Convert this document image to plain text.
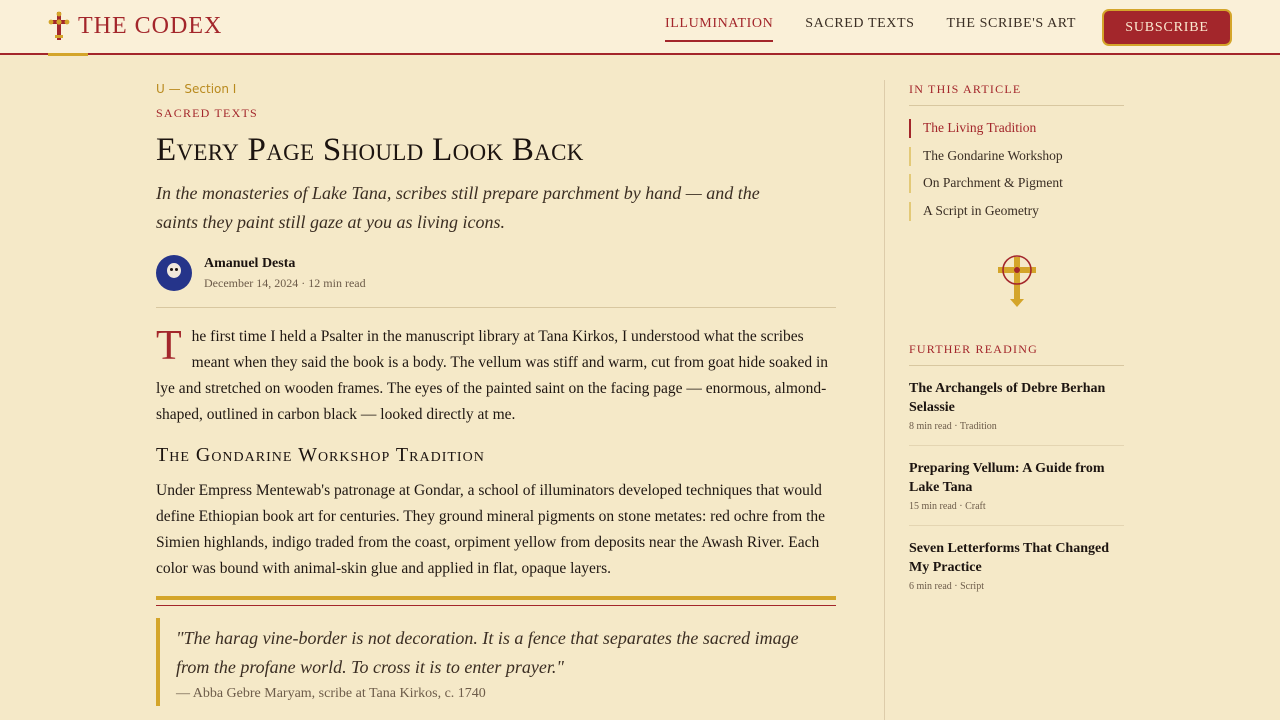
THE CODEX	ILLUMINATION SACRED TEXTS THE SCRIBE'S ART	SUBSCRIBE
U — Section I
SACRED TEXTS
Every Page Should Look Back

In the monasteries of Lake Tana, scribes still prepare parchment by hand — and the saints they paint still gaze at you as living icons.

Amanuel Desta
December 14, 2024 · 12 min read

The first time I held a Psalter in the manuscript library at Tana Kirkos, I understood what the scribes meant when they said the book is a body. The vellum was stiff and warm, cut from goat hide soaked in lye and stretched on wooden frames. The eyes of the painted saint on the facing page — enormous, almond-shaped, outlined in carbon black — looked directly at me.

The Gondarine Workshop Tradition

Under Empress Mentewab's patronage at Gondar, a school of illuminators developed techniques that would define Ethiopian book art for centuries. They ground mineral pigments on stone metates: red ochre from the Simien highlands, indigo traded from the coast, orpiment yellow from deposits near the Awash River. Each color was bound with animal-skin glue and applied in flat, opaque layers.

"The harag vine-border is not decoration. It is a fence that separates the sacred image from the profane world. To cross it is to enter prayer."

— Abba Gebre Maryam, scribe at Tana Kirkos, c. 1740

IN THIS ARTICLE
The Living Tradition
The Gondarine Workshop
On Parchment & Pigment
A Script in Geometry
FURTHER READING
The Archangels of Debre Berhan Selassie
8 min read · Tradition
Preparing Vellum: A Guide from Lake Tana
15 min read · Craft
Seven Letterforms That Changed My Practice
6 min read · Script
